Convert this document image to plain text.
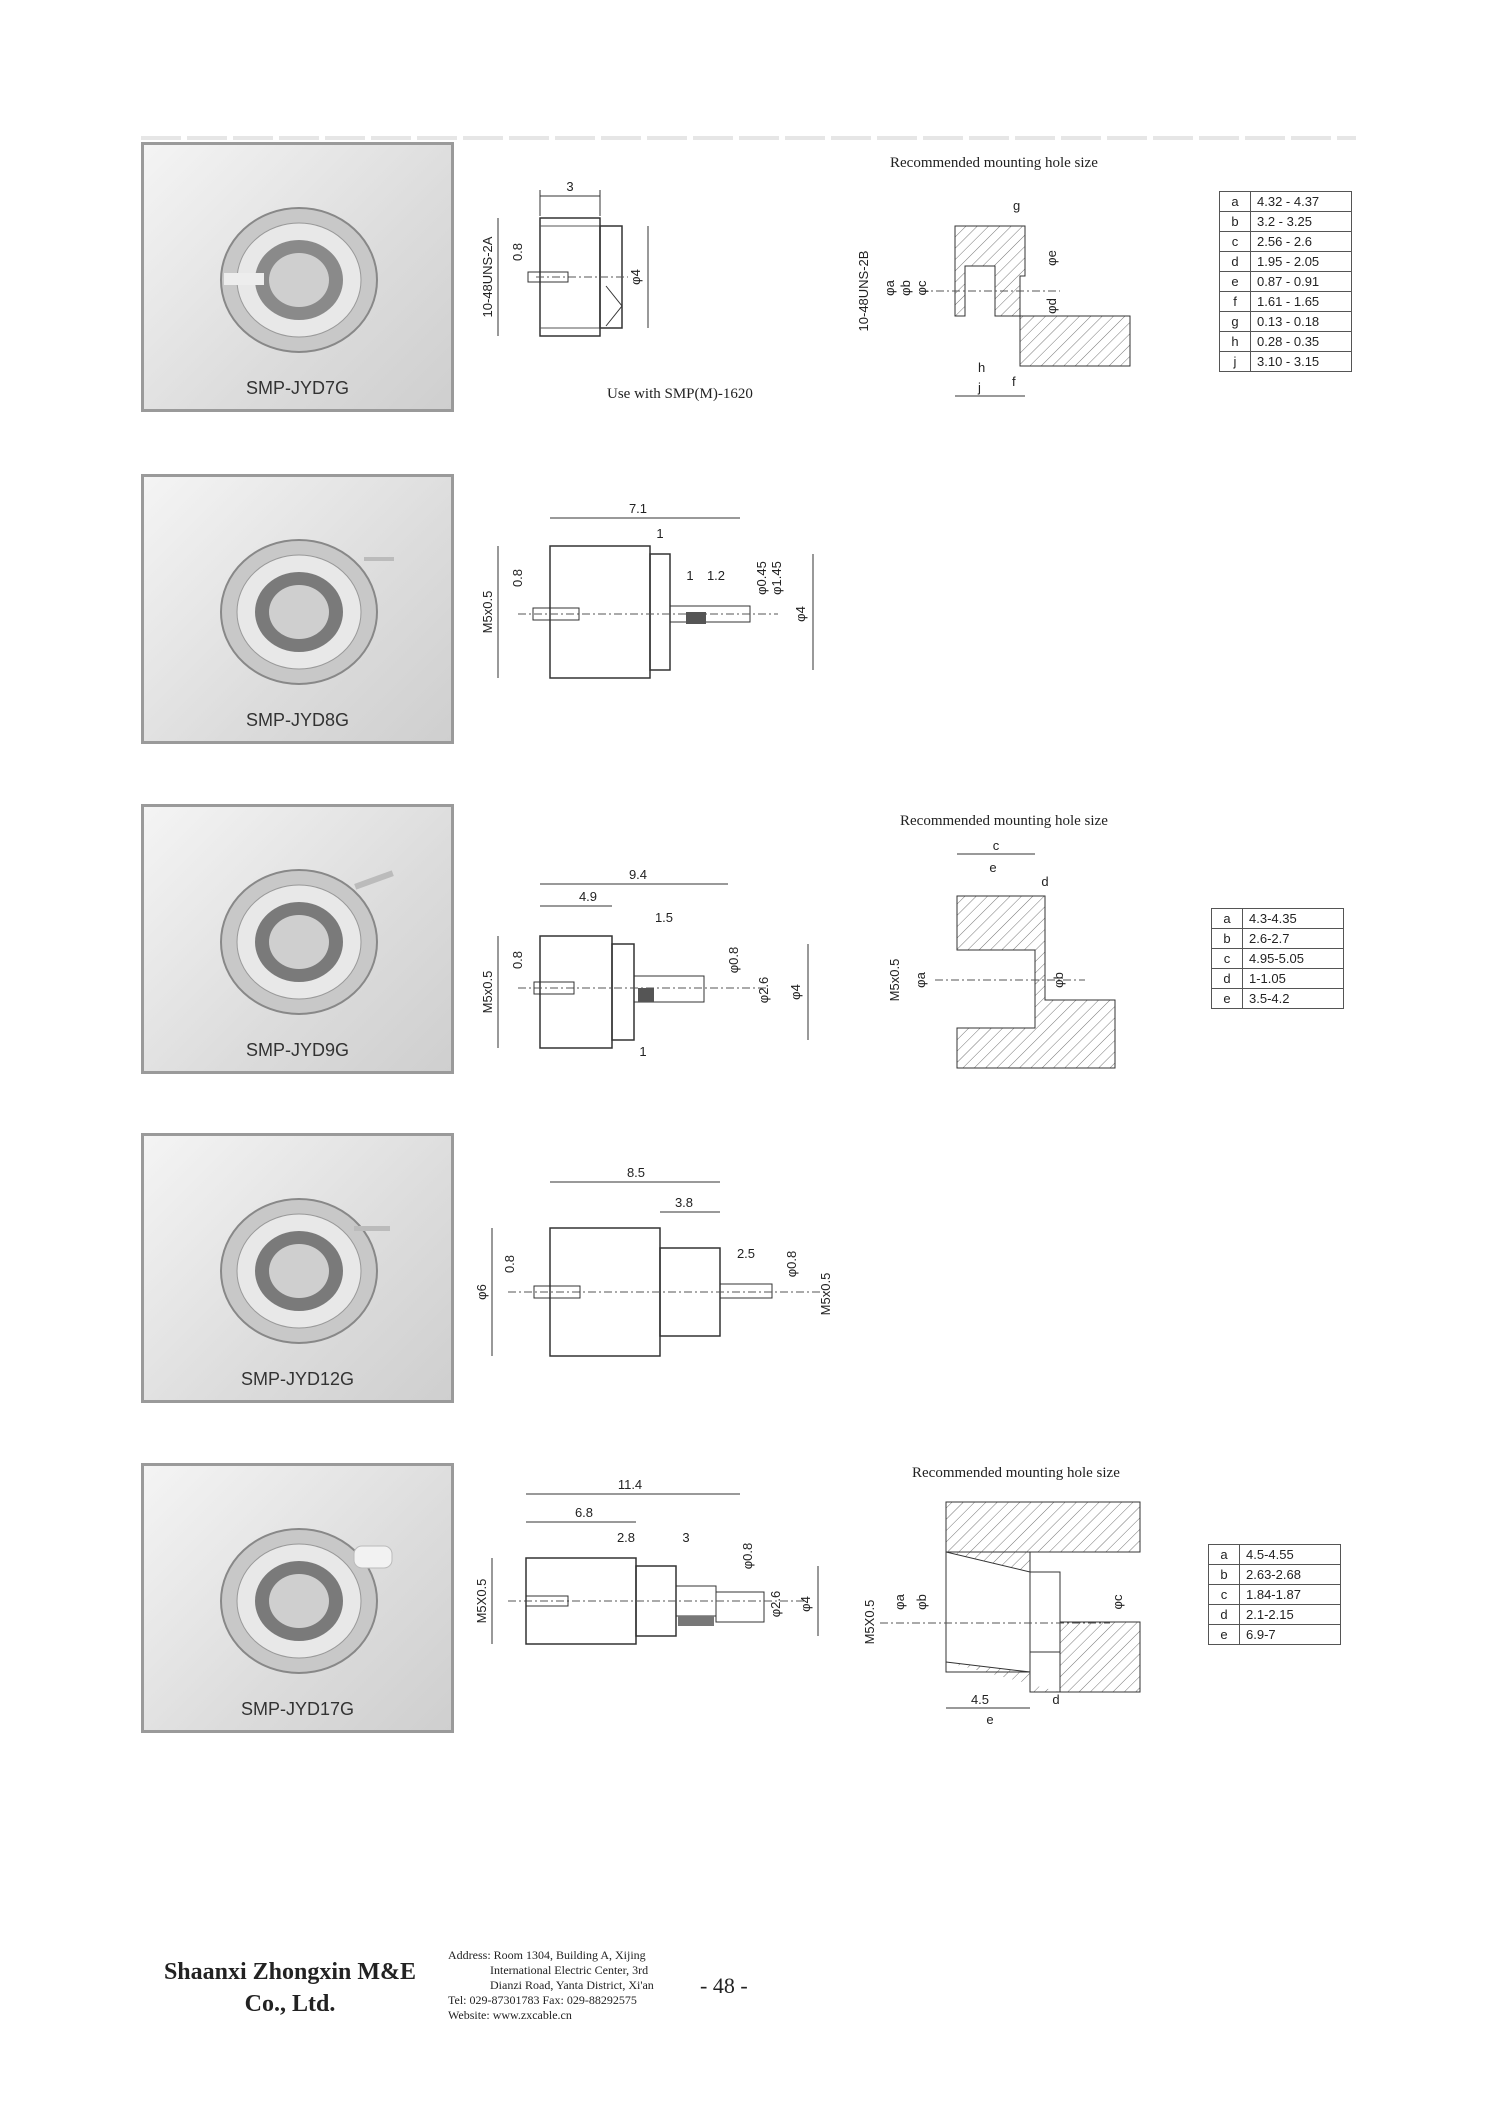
SMP-JYD7G
3
10-48UNS-2A 0.8
φ4
Recommended mounting hole size
Use with SMP(M)-1620
10-48UNS-2B φa φb φc
φd
φe
g
h
j f
a	4.32 - 4.37
b	3.2 - 3.25
c	2.56 - 2.6
d	1.95 - 2.05
e	0.87 - 0.91
f	1.61 - 1.65
g	0.13 - 0.18
h	0.28 - 0.35
j	3.10 - 3.15
SMP-JYD8G
7.1
1
1 1.2
M5x0.5
0.8	φ0.45 φ1.45
φ4
SMP-JYD9G
9.4
4.9
1.5
1
M5x0.5
0.8	φ0.8
φ2.6 φ4
Recommended mounting hole size
c
e
d
M5x0.5 φa	φb
a	4.3-4.35
b	2.6-2.7
c	4.95-5.05
d	1-1.05
e	3.5-4.2
SMP-JYD12G
8.5
3.8
2.5
φ6
0.8	φ0.8
M5x0.5
SMP-JYD17G
11.4
6.8
2.8	3
M5X0.5
φ0.8
φ2.6 φ4
Recommended mounting hole size
M5X0.5 φa φb	φc
4.5
e
d
a	4.5-4.55
b	2.63-2.68
c	1.84-1.87
d	2.1-2.15
e	6.9-7
Shaanxi Zhongxin M&E
Co., Ltd.
Address: Room 1304, Building A, Xijing
International Electric Center, 3rd
Dianzi Road, Yanta District, Xi'an
Tel: 029-87301783 Fax: 029-88292575
Website: www.zxcable.cn
- 48 -
